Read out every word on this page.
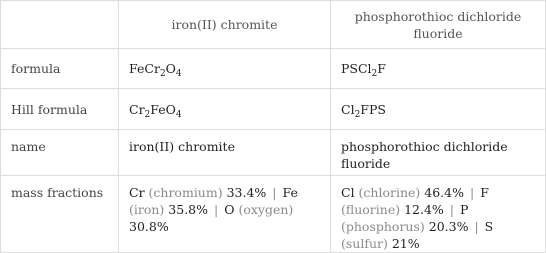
	iron(II) chromite	phosphorothioc dichloride fluoride
formula	$FeCr_2O_4$	PSCl$_2$F
Hill formula	$Cr_2FeO_4$	$Cl_2FPS$
name	iron(II) chromite	phosphorothioc dichloride fluoride
mass fractions	Cr (chromium) 33.4% | Fe (iron) 35.8% | O (oxygen) 30.8%	Cl (chlorine) 46.4% | F (fluorine) 12.4% | P (phosphorus) 20.3% | S (sulfur) 21%
